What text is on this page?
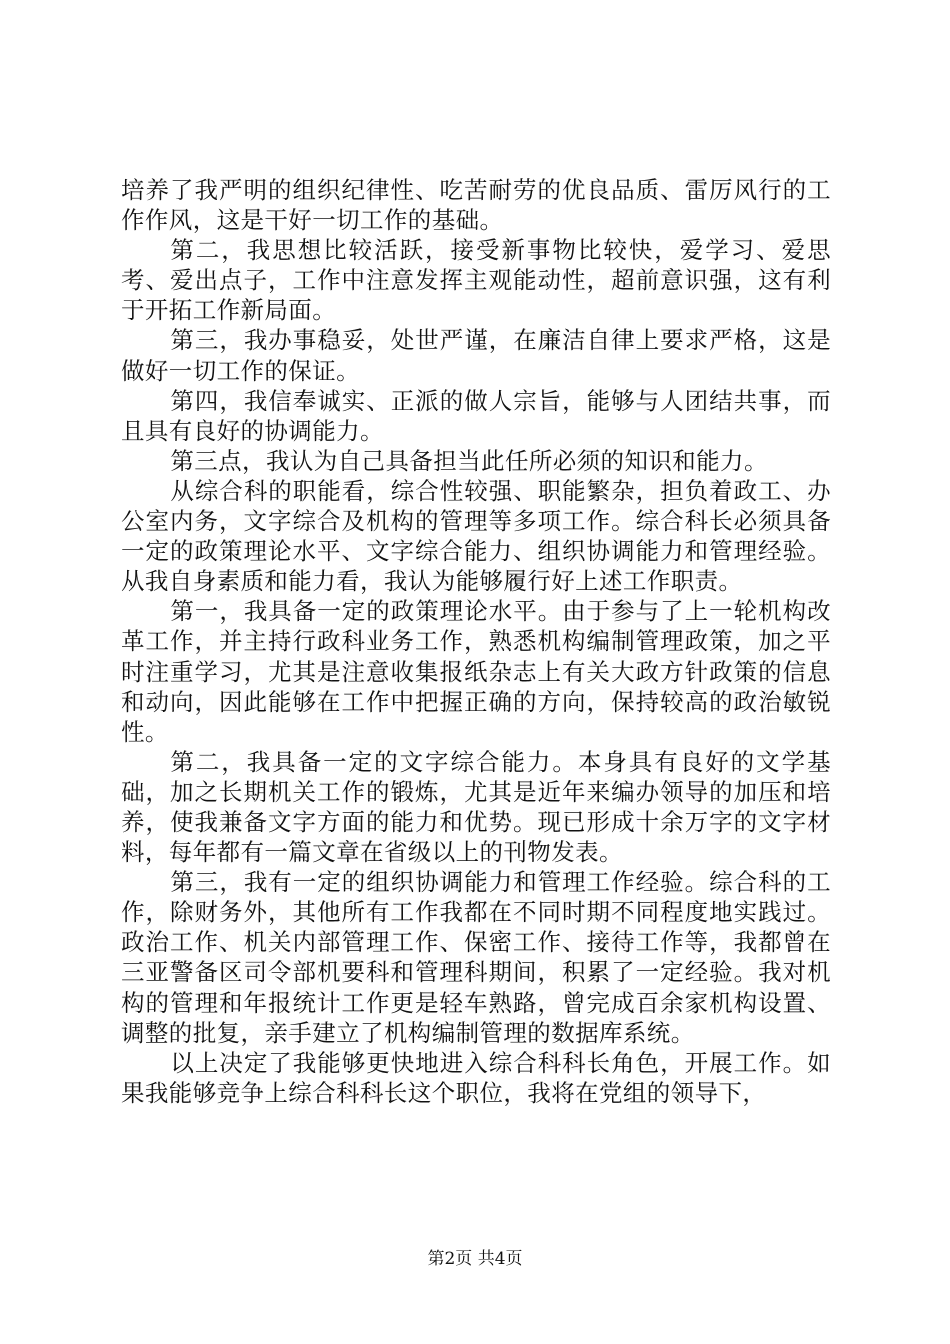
培养了我严明的组织纪律性、吃苦耐劳的优良品质、雷厉风行的工作作风，这是干好一切工作的基础。

第二，我思想比较活跃，接受新事物比较快，爱学习、爱思考、爱出点子，工作中注意发挥主观能动性，超前意识强，这有利于开拓工作新局面。

第三，我办事稳妥，处世严谨，在廉洁自律上要求严格，这是做好一切工作的保证。

第四，我信奉诚实、正派的做人宗旨，能够与人团结共事，而且具有良好的协调能力。

第三点，我认为自己具备担当此任所必须的知识和能力。

从综合科的职能看，综合性较强、职能繁杂，担负着政工、办公室内务，文字综合及机构的管理等多项工作。综合科长必须具备一定的政策理论水平、文字综合能力、组织协调能力和管理经验。从我自身素质和能力看，我认为能够履行好上述工作职责。

第一，我具备一定的政策理论水平。由于参与了上一轮机构改革工作，并主持行政科业务工作，熟悉机构编制管理政策，加之平时注重学习，尤其是注意收集报纸杂志上有关大政方针政策的信息和动向，因此能够在工作中把握正确的方向，保持较高的政治敏锐性。

第二，我具备一定的文字综合能力。本身具有良好的文学基础，加之长期机关工作的锻炼，尤其是近年来编办领导的加压和培养，使我兼备文字方面的能力和优势。现已形成十余万字的文字材料，每年都有一篇文章在省级以上的刊物发表。

第三，我有一定的组织协调能力和管理工作经验。综合科的工作，除财务外，其他所有工作我都在不同时期不同程度地实践过。政治工作、机关内部管理工作、保密工作、接待工作等，我都曾在三亚警备区司令部机要科和管理科期间，积累了一定经验。我对机构的管理和年报统计工作更是轻车熟路，曾完成百余家机构设置、调整的批复，亲手建立了机构编制管理的数据库系统。

以上决定了我能够更快地进入综合科科长角色，开展工作。如果我能够竞争上综合科科长这个职位，我将在党组的领导下，

第2页 共4页
